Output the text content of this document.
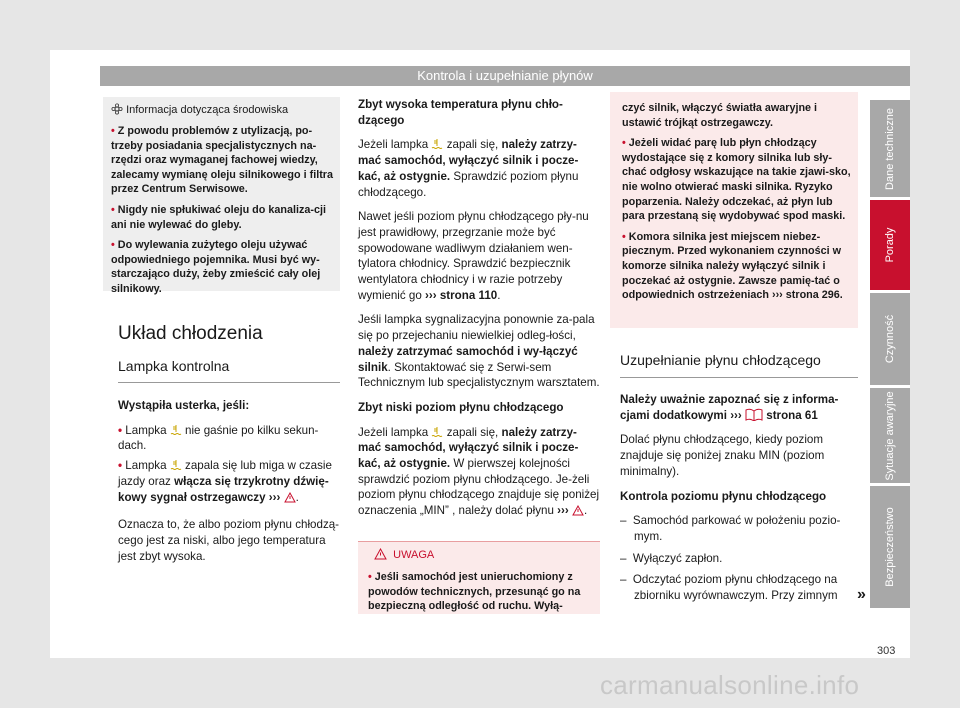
Kontrola i uzupełnianie płynów
Informacja dotycząca środowiska

• Z powodu problemów z utylizacją, po-trzeby posiadania specjalistycznych na-rzędzi oraz wymaganej fachowej wiedzy, zalecamy wymianę oleju silnikowego i filtra przez Centrum Serwisowe.

• Nigdy nie spłukiwać oleju do kanaliza-cji ani nie wylewać do gleby.

• Do wylewania zużytego oleju używać odpowiedniego pojemnika. Musi być wy-starczająco duży, żeby zmieścić cały olej silnikowy.

Układ chłodzenia
Lampka kontrolna

Wystąpiła usterka, jeśli:

• Lampka nie gaśnie po kilku sekun-dach.

• Lampka zapala się lub miga w czasie jazdy oraz włącza się trzykrotny dźwię-kowy sygnał ostrzegawczy ››› .

Oznacza to, że albo poziom płynu chłodzą-cego jest za niski, albo jego temperatura jest zbyt wysoka.

Zbyt wysoka temperatura płynu chło-dzącego

Jeżeli lampka zapali się, należy zatrzy-mać samochód, wyłączyć silnik i pocze-kać, aż ostygnie. Sprawdzić poziom płynu chłodzącego.

Nawet jeśli poziom płynu chłodzącego pły-nu jest prawidłowy, przegrzanie może być spowodowane wadliwym działaniem wen-tylatora chłodnicy. Sprawdzić bezpiecznik wentylatora chłodnicy i w razie potrzeby wymienić go ››› strona 110.

Jeśli lampka sygnalizacyjna ponownie za-pala się po przejechaniu niewielkiej odleg-łości, należy zatrzymać samochód i wy-łączyć silnik. Skontaktować się z Serwi-sem Technicznym lub specjalistycznym warsztatem.

Zbyt niski poziom płynu chłodzącego

Jeżeli lampka zapali się, należy zatrzy-mać samochód, wyłączyć silnik i pocze-kać, aż ostygnie. W pierwszej kolejności sprawdzić poziom płynu chłodzącego. Je-żeli poziom płynu chłodzącego znajduje się poniżej oznaczenia „MIN” , należy dolać płynu ››› .

UWAGA
• Jeśli samochód jest unieruchomiony z powodów technicznych, przesunąć go na bezpieczną odległość od ruchu. Wyłą-

czyć silnik, włączyć światła awaryjne i ustawić trójkąt ostrzegawczy.

• Jeżeli widać parę lub płyn chłodzący wydostające się z komory silnika lub sły-chać odgłosy wskazujące na takie zjawi-sko, nie wolno otwierać maski silnika. Ryzyko poparzenia. Należy odczekać, aż płyn lub para przestaną się wydobywać spod maski.

• Komora silnika jest miejscem niebez-piecznym. Przed wykonaniem czynności w komorze silnika należy wyłączyć silnik i poczekać aż ostygnie. Zawsze pamię-tać o odpowiednich ostrzeżeniach ››› strona 296.

Uzupełnianie płynu chłodzącego

Należy uważnie zapoznać się z informa-cjami dodatkowymi ››› strona 61

Dolać płynu chłodzącego, kiedy poziom znajduje się poniżej znaku MIN (poziom minimalny).

Kontrola poziomu płynu chłodzącego

–  Samochód parkować w położeniu pozio-mym.
–  Wyłączyć zapłon.
–  Odczytać poziom płynu chłodzącego na zbiorniku wyrównawczym. Przy zimnym	»
Dane techniczne
Porady
Czynność
Sytuacje awaryjne
Bezpieczeństwo
303
carmanualsonline.info
